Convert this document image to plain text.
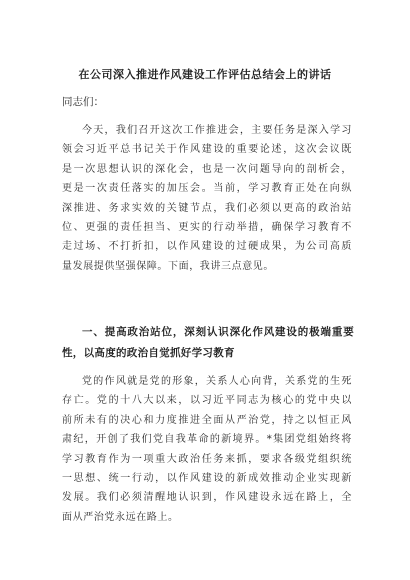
在公司深入推进作风建设工作评估总结会上的讲话
同志们：
今天，我们召开这次工作推进会，主要任务是深入学习
领会习近平总书记关于作风建设的重要论述，这次会议既
是一次思想认识的深化会，也是一次问题导向的剖析会，
更是一次责任落实的加压会。当前，学习教育正处在向纵
深推进、务求实效的关键节点，我们必须以更高的政治站
位、更强的责任担当、更实的行动举措，确保学习教育不
走过场、不打折扣，以作风建设的过硬成果，为公司高质
量发展提供坚强保障。下面，我讲三点意见。
一、提高政治站位，深刻认识深化作风建设的极端重要
性，以高度的政治自觉抓好学习教育
党的作风就是党的形象，关系人心向背，关系党的生死
存亡。党的十八大以来，以习近平同志为核心的党中央以
前所未有的决心和力度推进全面从严治党，持之以恒正风
肃纪，开创了我们党自我革命的新境界。*集团党组始终将
学习教育作为一项重大政治任务来抓，要求各级党组织统
一思想、统一行动，以作风建设的新成效推动企业实现新
发展。我们必须清醒地认识到，作风建设永远在路上，全
面从严治党永远在路上。
